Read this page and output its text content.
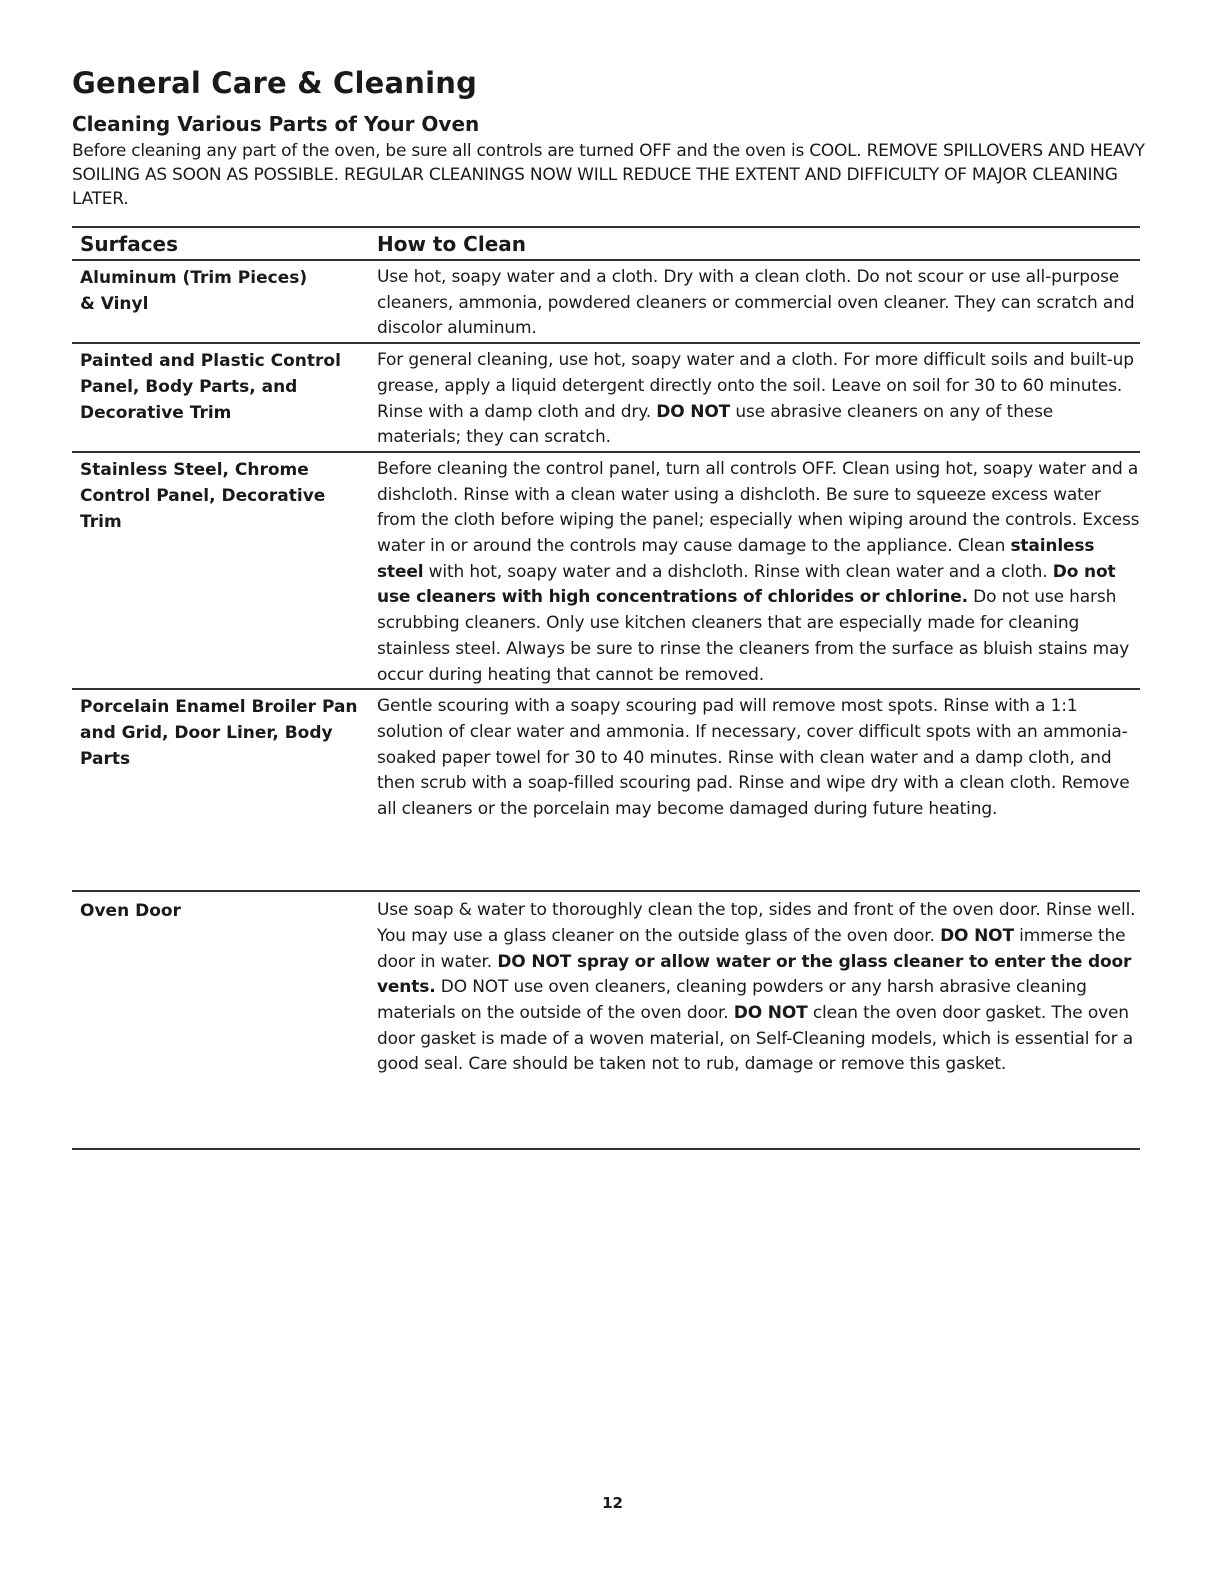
General Care & Cleaning
Cleaning Various Parts of Your Oven

Before cleaning any part of the oven, be sure all controls are turned OFF and the oven is COOL. REMOVE SPILLOVERS AND HEAVY SOILING AS SOON AS POSSIBLE. REGULAR CLEANINGS NOW WILL REDUCE THE EXTENT AND DIFFICULTY OF MAJOR CLEANING LATER.

Surfaces	How to Clean
Aluminum (Trim Pieces)
& Vinyl
Use hot, soapy water and a cloth. Dry with a clean cloth. Do not scour or use all-purpose cleaners, ammonia, powdered cleaners or commercial oven cleaner. They can scratch and discolor aluminum.
Painted and Plastic Control
Panel, Body Parts, and
Decorative Trim
For general cleaning, use hot, soapy water and a cloth. For more difficult soils and built-up grease, apply a liquid detergent directly onto the soil. Leave on soil for 30 to 60 minutes. Rinse with a damp cloth and dry. DO NOT use abrasive cleaners on any of these materials; they can scratch.
Stainless Steel, Chrome
Control Panel, Decorative
Trim
Before cleaning the control panel, turn all controls OFF. Clean using hot, soapy water and a dishcloth. Rinse with a clean water using a dishcloth. Be sure to squeeze excess water from the cloth before wiping the panel; especially when wiping around the controls. Excess water in or around the controls may cause damage to the appliance. Clean stainless steel with hot, soapy water and a dishcloth. Rinse with clean water and a cloth. Do not use cleaners with high concentrations of chlorides or chlorine. Do not use harsh scrubbing cleaners. Only use kitchen cleaners that are especially made for cleaning stainless steel. Always be sure to rinse the cleaners from the surface as bluish stains may occur during heating that cannot be removed.
Porcelain Enamel Broiler Pan
and Grid, Door Liner, Body
Parts
Gentle scouring with a soapy scouring pad will remove most spots. Rinse with a 1:1 solution of clear water and ammonia. If necessary, cover difficult spots with an ammonia-soaked paper towel for 30 to 40 minutes. Rinse with clean water and a damp cloth, and then scrub with a soap-filled scouring pad. Rinse and wipe dry with a clean cloth. Remove all cleaners or the porcelain may become damaged during future heating.
Oven Door	Use soap & water to thoroughly clean the top, sides and front of the oven door. Rinse well. You may use a glass cleaner on the outside glass of the oven door. DO NOT immerse the door in water. DO NOT spray or allow water or the glass cleaner to enter the door vents. DO NOT use oven cleaners, cleaning powders or any harsh abrasive cleaning materials on the outside of the oven door. DO NOT clean the oven door gasket. The oven door gasket is made of a woven material, on Self-Cleaning models, which is essential for a good seal. Care should be taken not to rub, damage or remove this gasket.
12
